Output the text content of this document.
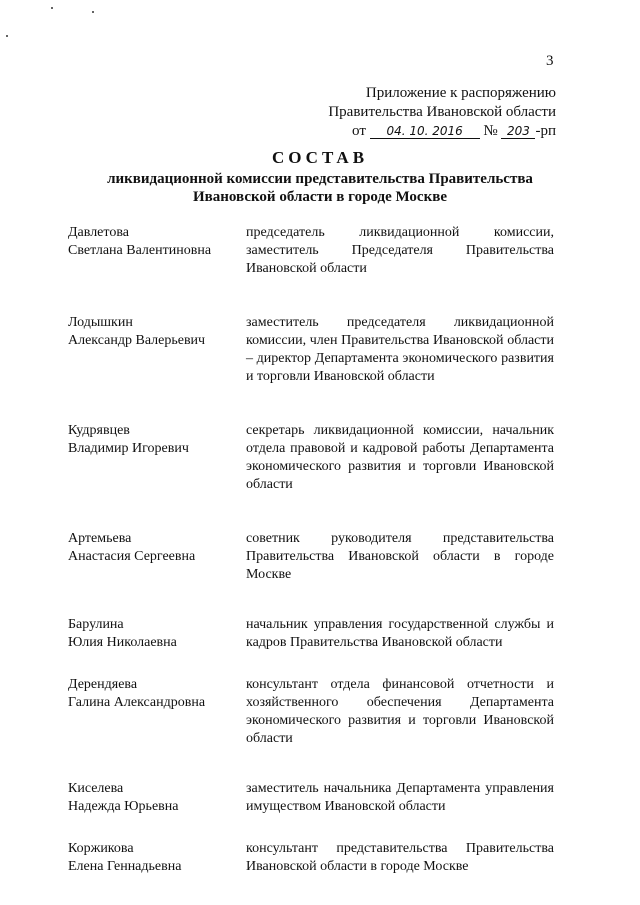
3
Приложение к распоряжению
Правительства Ивановской области
от 04. 10. 2016 № 203 -рп
СОСТАВ
ликвидационной комиссии представительства Правительства
Ивановской области в городе Москве
Давлетова
Светлана Валентиновна
председатель ликвидационной комиссии, заместитель Председателя Правительства Ивановской области
Лодышкин
Александр Валерьевич
заместитель председателя ликвидационной комиссии, член Правительства Ивановской области – директор Департамента экономического развития и торговли Ивановской области
Кудрявцев
Владимир Игоревич
секретарь ликвидационной комиссии, начальник отдела правовой и кадровой работы Департамента экономического развития и торговли Ивановской области
Артемьева
Анастасия Сергеевна
советник руководителя представительства Правительства Ивановской области в городе Москве
Барулина
Юлия Николаевна
начальник управления государственной службы и кадров Правительства Ивановской области
Дерендяева
Галина Александровна
консультант отдела финансовой отчетности и хозяйственного обеспечения Департамента экономического развития и торговли Ивановской области
Киселева
Надежда Юрьевна
заместитель начальника Департамента управления имуществом Ивановской области
Коржикова
Елена Геннадьевна
консультант представительства Правительства Ивановской области в городе Москве
